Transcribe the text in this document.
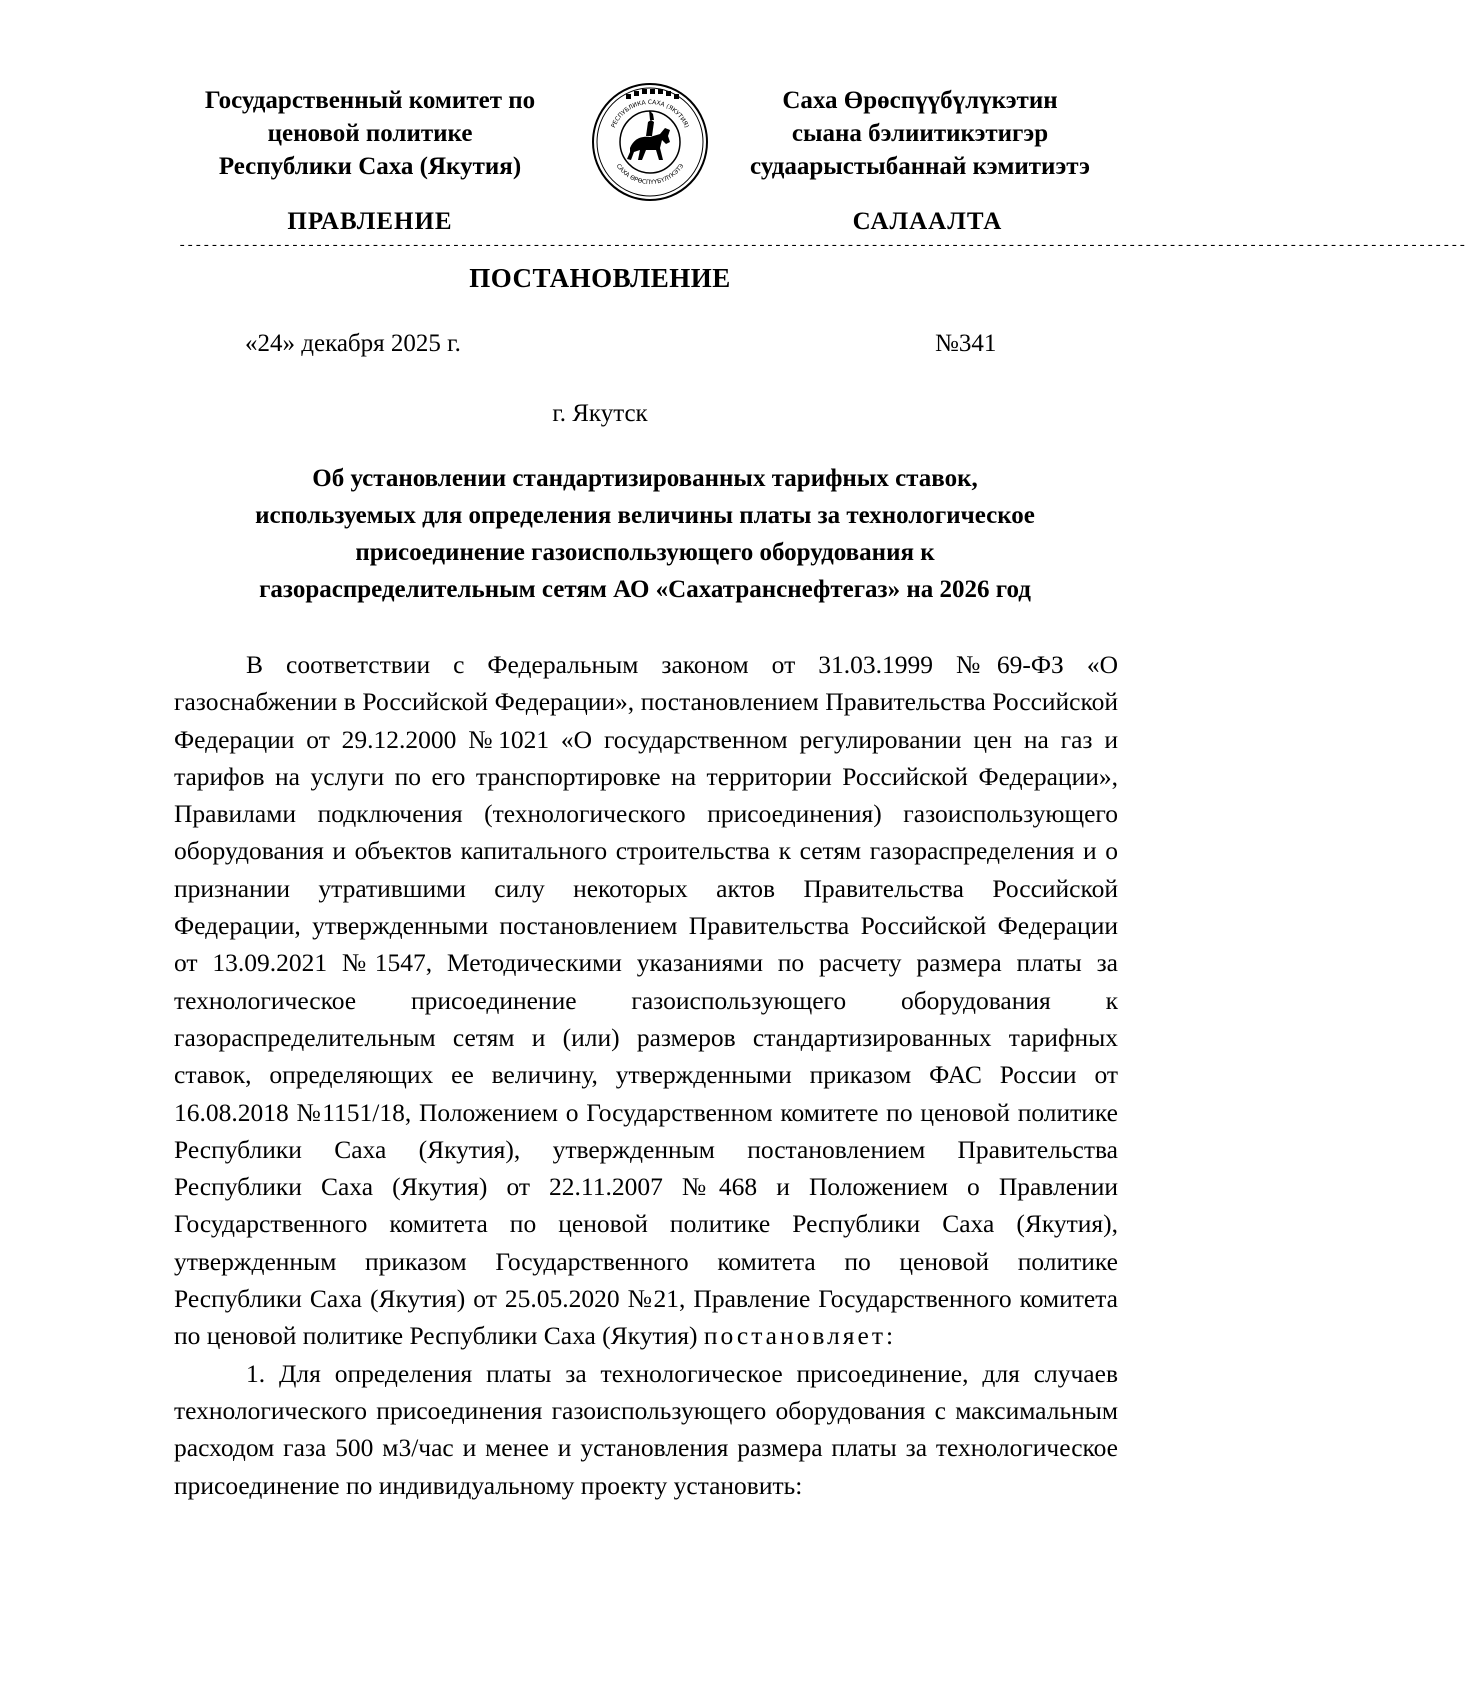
Государственный комитет по
ценовой политике
Республики Саха (Якутия)
РЕСПУБЛИКА САХА (ЯКУТИЯ)
САХА ӨРӨСПҮҮБҮЛҮКЭТЭ
Саха Өрөспүүбүлүкэтин
сыана бэлиитикэтигэр
судаарыстыбаннай кэмитиэтэ
ПРАВЛЕНИЕ	САЛААЛТА
----------------------------------------------------------------------------------------------------------------------------------------------------------------
ПОСТАНОВЛЕНИЕ
«24» декабря 2025 г.	№341
г. Якутск
Об установлении стандартизированных тарифных ставок,
используемых для определения величины платы за технологическое
присоединение газоиспользующего оборудования к
газораспределительным сетям АО «Сахатранснефтегаз» на 2026 год

В соответствии с Федеральным законом от 31.03.1999 №69-ФЗ «О газоснабжении в Российской Федерации», постановлением Правительства Российской Федерации от 29.12.2000 №1021 «О государственном регулировании цен на газ и тарифов на услуги по его транспортировке на территории Российской Федерации», Правилами подключения (технологического присоединения) газоиспользующего оборудования и объектов капитального строительства к сетям газораспределения и о признании утратившими силу некоторых актов Правительства Российской Федерации, утвержденными постановлением Правительства Российской Федерации от 13.09.2021 №1547, Методическими указаниями по расчету размера платы за технологическое присоединение газоиспользующего оборудования к газораспределительным сетям и (или) размеров стандартизированных тарифных ставок, определяющих ее величину, утвержденными приказом ФАС России от 16.08.2018 №1151/18, Положением о Государственном комитете по ценовой политике Республики Саха (Якутия), утвержденным постановлением Правительства Республики Саха (Якутия) от 22.11.2007 №468 и Положением о Правлении Государственного комитета по ценовой политике Республики Саха (Якутия), утвержденным приказом Государственного комитета по ценовой политике Республики Саха (Якутия) от 25.05.2020 №21, Правление Государственного комитета по ценовой политике Республики Саха (Якутия) постановляет:

1. Для определения платы за технологическое присоединение, для случаев технологического присоединения газоиспользующего оборудования с максимальным расходом газа 500 м3/час и менее и установления размера платы за технологическое присоединение по индивидуальному проекту установить:
